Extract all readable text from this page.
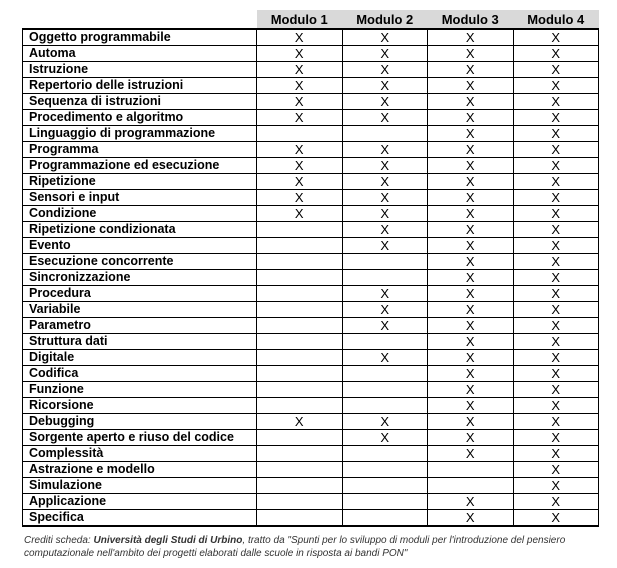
	Modulo 1	Modulo 2	Modulo 3	Modulo 4
Oggetto programmabile	X	X	X	X
Automa	X	X	X	X
Istruzione	X	X	X	X
Repertorio delle istruzioni	X	X	X	X
Sequenza di istruzioni	X	X	X	X
Procedimento e algoritmo	X	X	X	X
Linguaggio di programmazione			X	X
Programma	X	X	X	X
Programmazione ed esecuzione	X	X	X	X
Ripetizione	X	X	X	X
Sensori e input	X	X	X	X
Condizione	X	X	X	X
Ripetizione condizionata		X	X	X
Evento		X	X	X
Esecuzione concorrente			X	X
Sincronizzazione			X	X
Procedura		X	X	X
Variabile		X	X	X
Parametro		X	X	X
Struttura dati			X	X
Digitale		X	X	X
Codifica			X	X
Funzione			X	X
Ricorsione			X	X
Debugging	X	X	X	X
Sorgente aperto e riuso del codice		X	X	X
Complessità			X	X
Astrazione e modello				X
Simulazione				X
Applicazione			X	X
Specifica			X	X
Crediti scheda: Università degli Studi di Urbino, tratto da "Spunti per lo sviluppo di moduli per l'introduzione del pensiero computazionale nell'ambito dei progetti elaborati dalle scuole in risposta ai bandi PON"
